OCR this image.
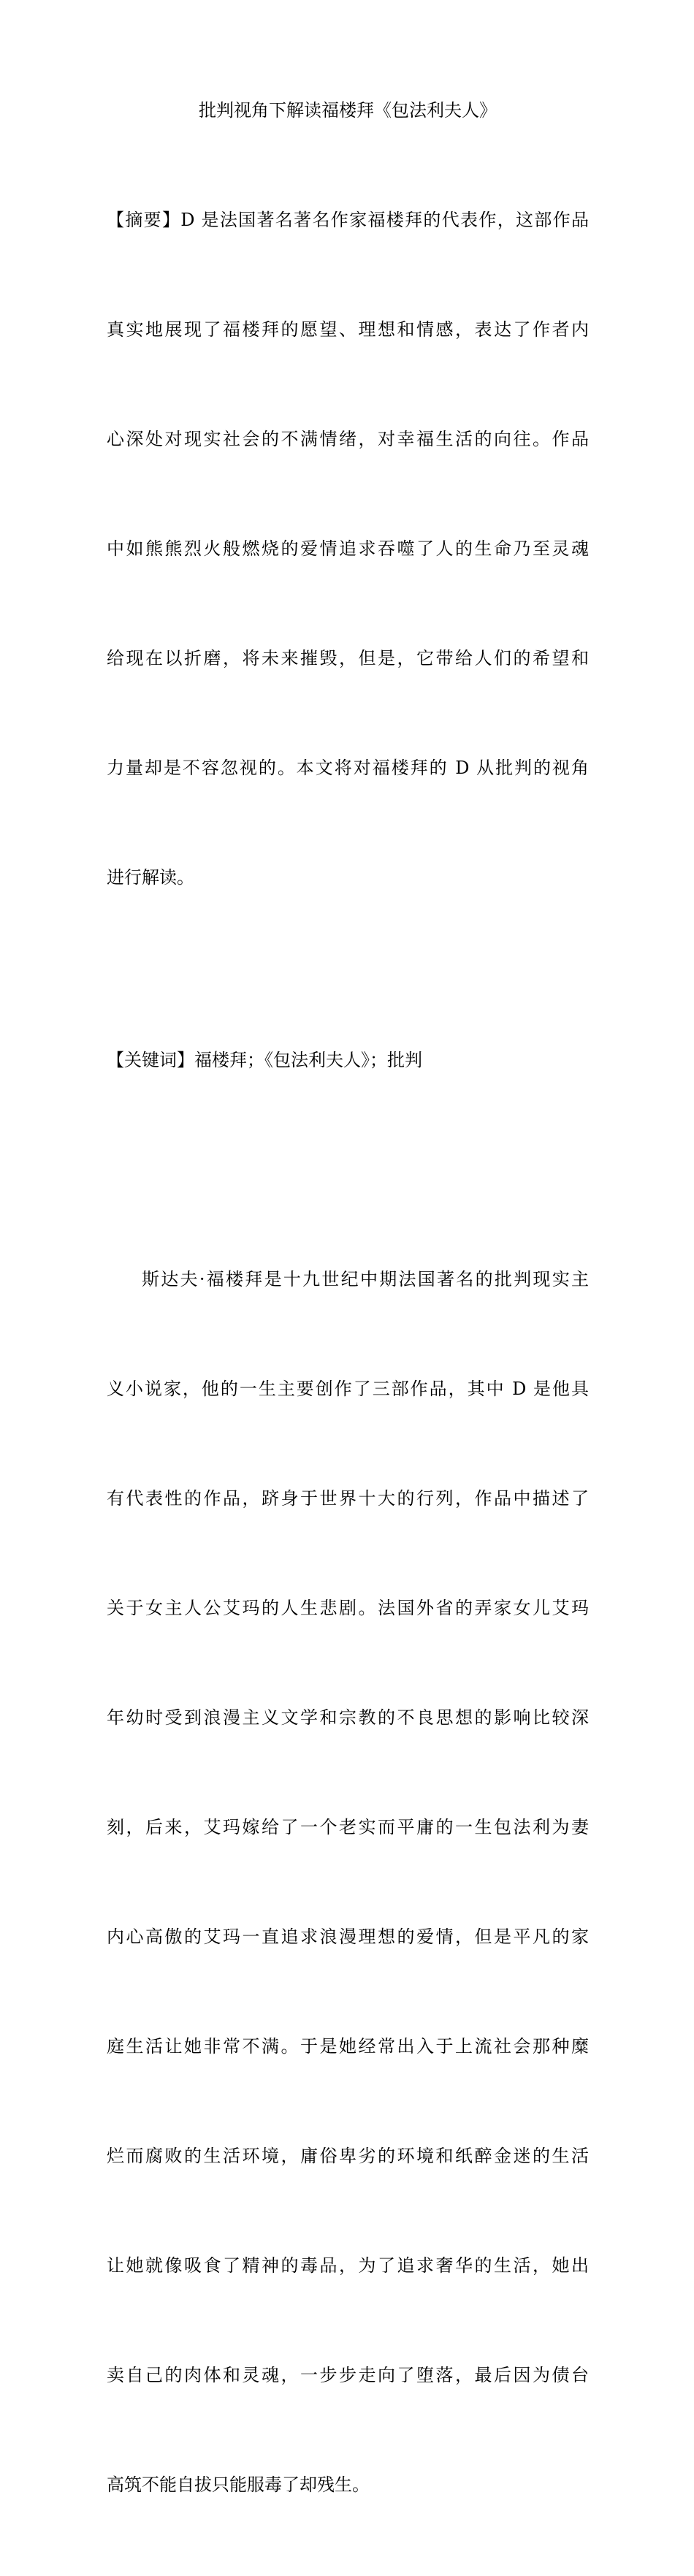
批判视角下解读福楼拜《包法利夫人》

【摘要】D 是法国著名著名作家福楼拜的代表作，这部作品

真实地展现了福楼拜的愿望、理想和情感，表达了作者内

心深处对现实社会的不满情绪，对幸福生活的向往。作品

中如熊熊烈火般燃烧的爱情追求吞噬了人的生命乃至灵魂

给现在以折磨，将未来摧毁，但是，它带给人们的希望和

力量却是不容忽视的。本文将对福楼拜的 D 从批判的视角

进行解读。

【关键词】福楼拜；《包法利夫人》；批判

斯达夫·福楼拜是十九世纪中期法国著名的批判现实主

义小说家，他的一生主要创作了三部作品，其中 D 是他具

有代表性的作品，跻身于世界十大的行列，作品中描述了

关于女主人公艾玛的人生悲剧。法国外省的弄家女儿艾玛

年幼时受到浪漫主义文学和宗教的不良思想的影响比较深

刻，后来，艾玛嫁给了一个老实而平庸的一生包法利为妻

内心高傲的艾玛一直追求浪漫理想的爱情，但是平凡的家

庭生活让她非常不满。于是她经常出入于上流社会那种糜

烂而腐败的生活环境，庸俗卑劣的环境和纸醉金迷的生活

让她就像吸食了精神的毒品，为了追求奢华的生活，她出

卖自己的肉体和灵魂，一步步走向了堕落，最后因为债台

高筑不能自拔只能服毒了却残生。
